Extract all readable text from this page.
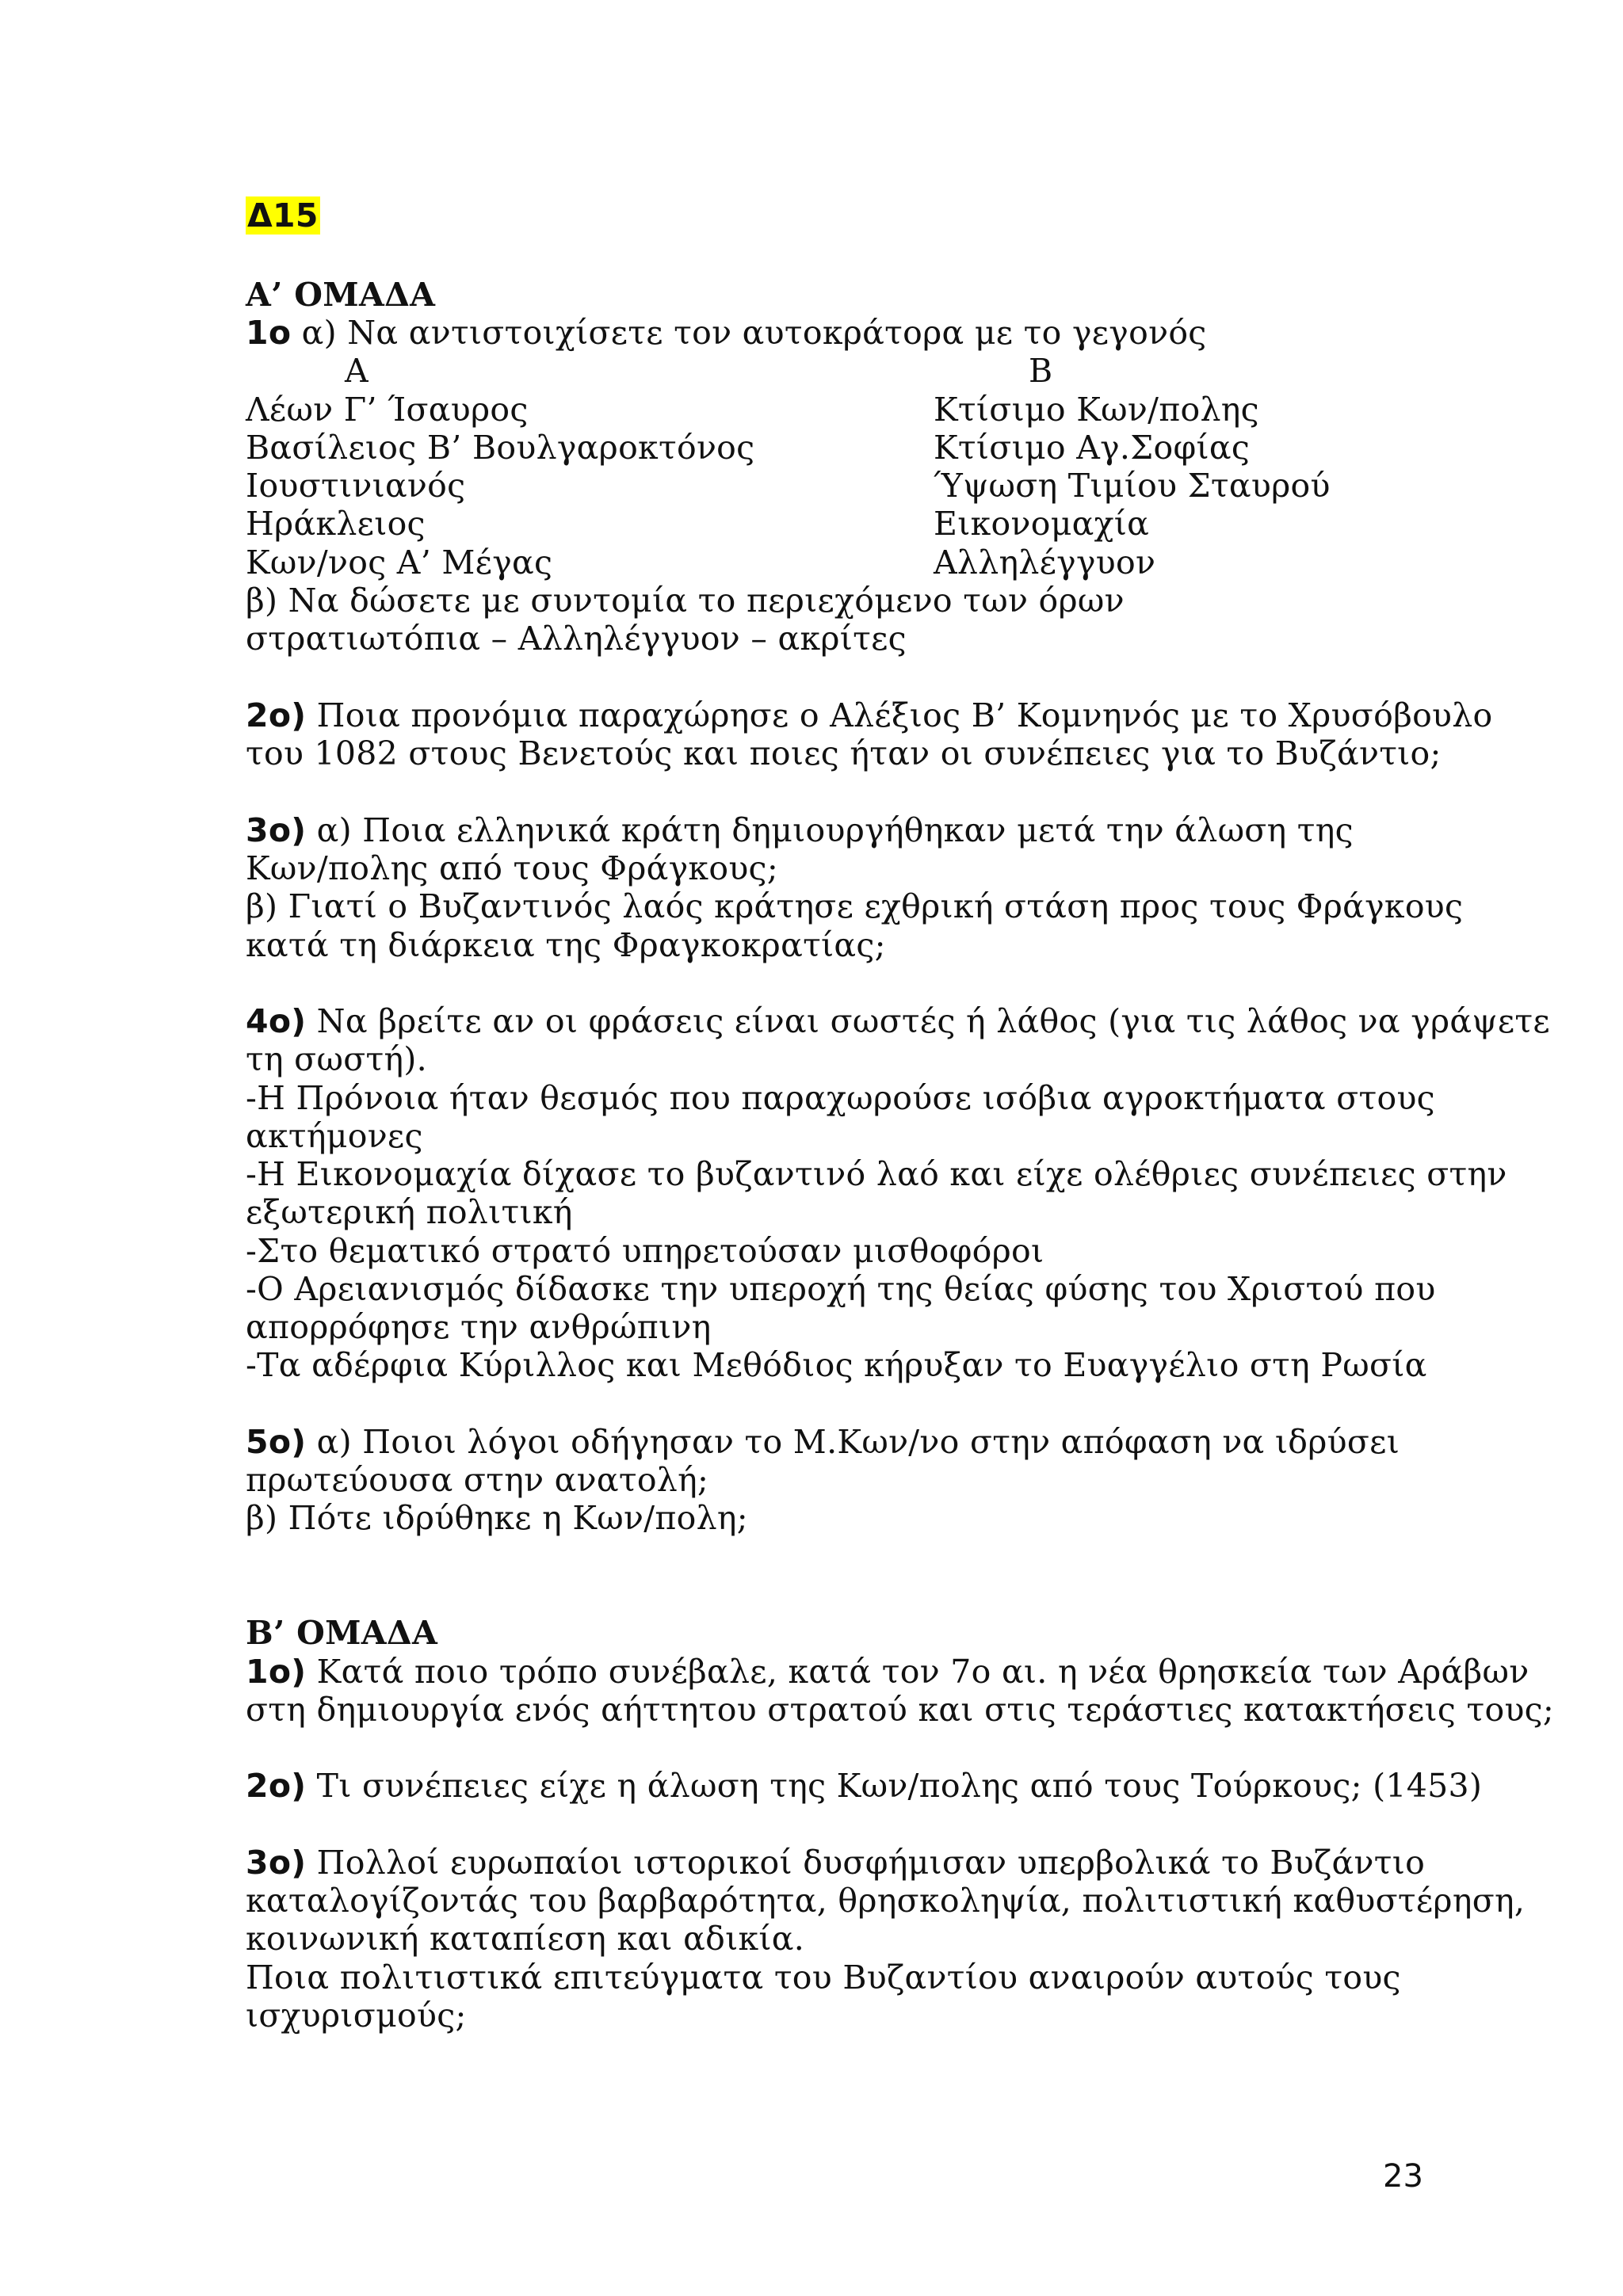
Δ15
Α’ ΟΜΑΔΑ
1ο α) Να αντιστοιχίσετε τον αυτοκράτορα με το γεγονός
Α	Β
Λέων Γ’ Ίσαυρος
Βασίλειος Β’ Βουλγαροκτόνος
Ιουστινιανός
Ηράκλειος
Κων/νος Α’ Μέγας
Κτίσιμο Κων/πολης
Κτίσιμο Αγ.Σοφίας
Ύψωση Τιμίου Σταυρού
Εικονομαχία
Αλληλέγγυον
β) Να δώσετε με συντομία το περιεχόμενο των όρων
στρατιωτόπια – Αλληλέγγυον – ακρίτες
2ο) Ποια προνόμια παραχώρησε ο Αλέξιος Β’ Κομνηνός με το Χρυσόβουλο
του 1082 στους Βενετούς και ποιες ήταν οι συνέπειες για το Βυζάντιο;
3ο) α) Ποια ελληνικά κράτη δημιουργήθηκαν μετά την άλωση της
Κων/πολης από τους Φράγκους;
β) Γιατί ο Βυζαντινός λαός κράτησε εχθρική στάση προς τους Φράγκους
κατά τη διάρκεια της Φραγκοκρατίας;
4ο) Να βρείτε αν οι φράσεις είναι σωστές ή λάθος (για τις λάθος να γράψετε
τη σωστή).
-Η Πρόνοια ήταν θεσμός που παραχωρούσε ισόβια αγροκτήματα στους
ακτήμονες
-Η Εικονομαχία δίχασε το βυζαντινό λαό και είχε ολέθριες συνέπειες στην
εξωτερική πολιτική
-Στο θεματικό στρατό υπηρετούσαν μισθοφόροι
-Ο Αρειανισμός δίδασκε την υπεροχή της θείας φύσης του Χριστού που
απορρόφησε την ανθρώπινη
-Τα αδέρφια Κύριλλος και Μεθόδιος κήρυξαν το Ευαγγέλιο στη Ρωσία
5ο) α) Ποιοι λόγοι οδήγησαν το Μ.Κων/νο στην απόφαση να ιδρύσει
πρωτεύουσα στην ανατολή;
β) Πότε ιδρύθηκε η Κων/πολη;
Β’ ΟΜΑΔΑ
1ο) Κατά ποιο τρόπο συνέβαλε, κατά τον 7ο αι. η νέα θρησκεία των Αράβων
στη δημιουργία ενός αήττητου στρατού και στις τεράστιες κατακτήσεις τους;
2ο) Τι συνέπειες είχε η άλωση της Κων/πολης από τους Τούρκους; (1453)
3ο) Πολλοί ευρωπαίοι ιστορικοί δυσφήμισαν υπερβολικά το Βυζάντιο
καταλογίζοντάς του βαρβαρότητα, θρησκοληψία, πολιτιστική καθυστέρηση,
κοινωνική καταπίεση και αδικία.
Ποια πολιτιστικά επιτεύγματα του Βυζαντίου αναιρούν αυτούς τους
ισχυρισμούς;
23
